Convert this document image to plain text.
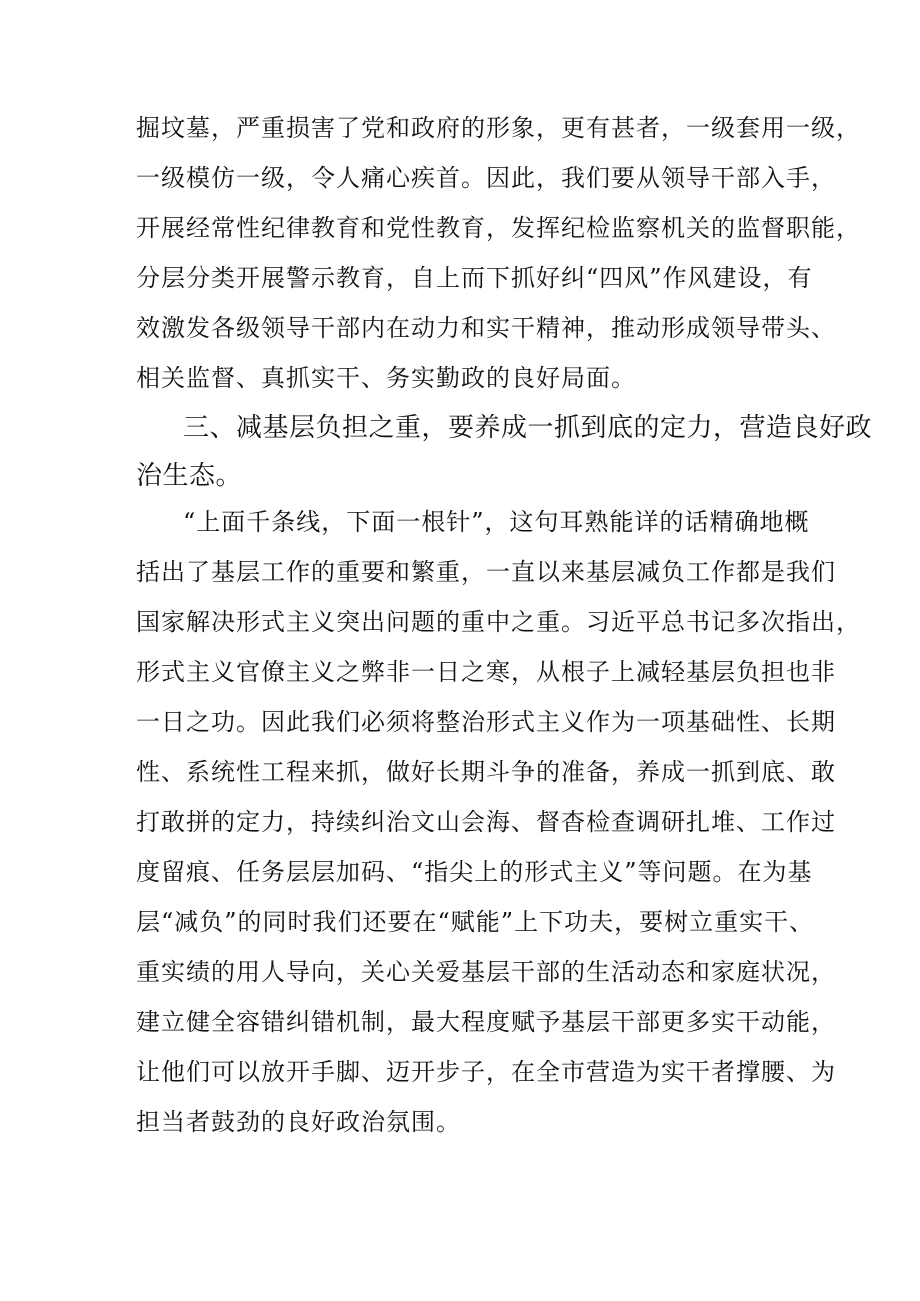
掘坟墓，严重损害了党和政府的形象，更有甚者，一级套用一级，
一级模仿一级，令人痛心疾首。因此，我们要从领导干部入手，
开展经常性纪律教育和党性教育，发挥纪检监察机关的监督职能，
分层分类开展警示教育，自上而下抓好纠“四风”作风建设，有
效激发各级领导干部内在动力和实干精神，推动形成领导带头、
相关监督、真抓实干、务实勤政的良好局面。
三、减基层负担之重，要养成一抓到底的定力，营造良好政
治生态。
“上面千条线，下面一根针”，这句耳熟能详的话精确地概
括出了基层工作的重要和繁重，一直以来基层减负工作都是我们
国家解决形式主义突出问题的重中之重。习近平总书记多次指出，
形式主义官僚主义之弊非一日之寒，从根子上减轻基层负担也非
一日之功。因此我们必须将整治形式主义作为一项基础性、长期
性、系统性工程来抓，做好长期斗争的准备，养成一抓到底、敢
打敢拼的定力，持续纠治文山会海、督杳检查调研扎堆、工作过
度留痕、任务层层加码、“指尖上的形式主义”等问题。在为基
层“减负”的同时我们还要在“赋能”上下功夫，要树立重实干、
重实绩的用人导向，关心关爱基层干部的生活动态和家庭状况，
建立健全容错纠错机制，最大程度赋予基层干部更多实干动能，
让他们可以放开手脚、迈开步子，在全市营造为实干者撑腰、为
担当者鼓劲的良好政治氛围。
